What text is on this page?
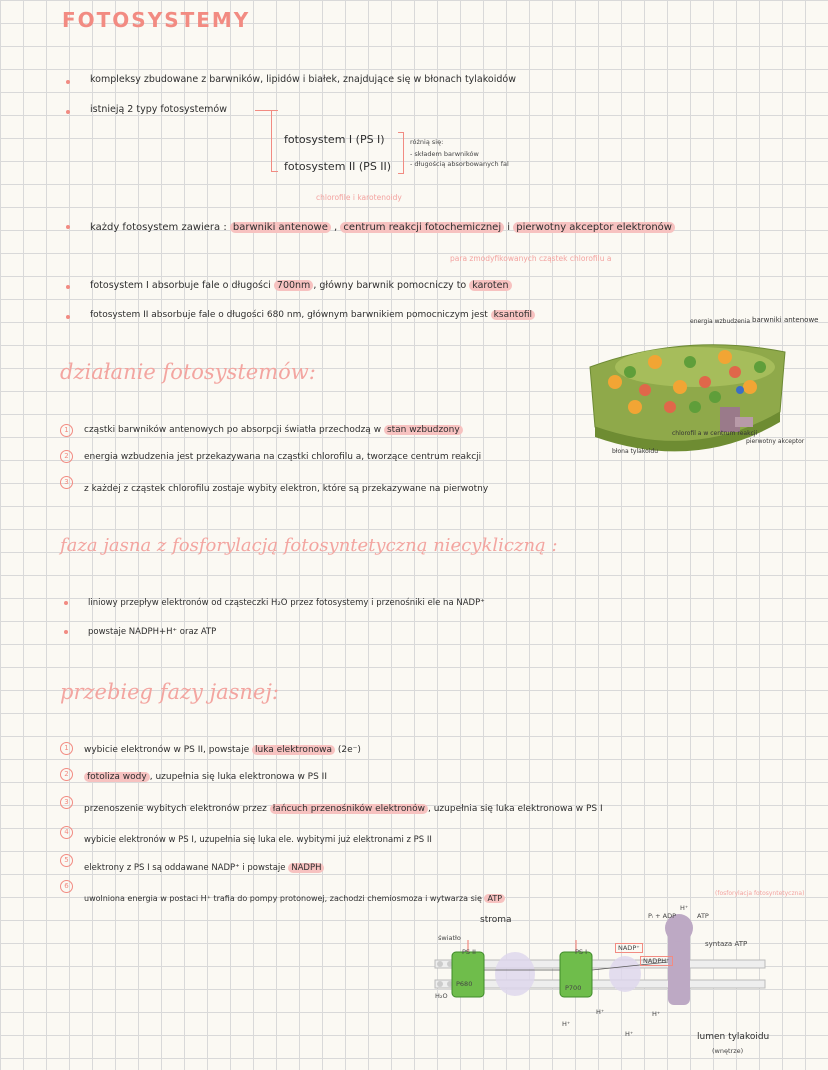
FOTOSYSTEMY
kompleksy zbudowane z barwników, lipidów i białek, znajdujące się w błonach tylakoidów
istnieją 2 typy fotosystemów
fotosystem I (PS I)
fotosystem II (PS II)
różnią się:
- składem barwników
- długością absorbowanych fal
chlorofile i karotenoidy
każdy fotosystem zawiera : barwniki antenowe , centrum reakcji fotochemicznej i pierwotny akceptor elektronów
para zmodyfikowanych cząstek chlorofilu a
fotosystem I absorbuje fale o długości 700nm , główny barwnik pomocniczy to karoten
fotosystem II absorbuje fale o długości 680 nm, głównym barwnikiem pomocniczym jest ksantofil
energia wzbudzenia barwniki antenowe
błona tylakoidu
chlorofil a w centrum reakcji
pierwotny akceptor
działanie fotosystemów:
1	cząstki barwników antenowych po absorpcji światła przechodzą w stan wzbudzony
2	energia wzbudzenia jest przekazywana na cząstki chlorofilu a, tworzące centrum reakcji
3
z każdej z cząstek chlorofilu zostaje wybity elektron, które są przekazywane na pierwotny
faza jasna z fosforylacją fotosyntetyczną niecykliczną :
liniowy przepływ elektronów od cząsteczki H₂O przez fotosystemy i przenośniki ele na NADP⁺
powstaje NADPH+H⁺ oraz ATP
przebieg fazy jasnej:
1	wybicie elektronów w PS II, powstaje luka elektronowa (2e⁻)
2	fotoliza wody , uzupełnia się luka elektronowa w PS II
3
przenoszenie wybitych elektronów przez łańcuch przenośników elektronów , uzupełnia się luka elektronowa w PS I
4
wybicie elektronów w PS I, uzupełnia się luka ele. wybitymi już elektronami z PS II
5
elektrony z PS I są oddawane NADP⁺ i powstaje NADPH
6
uwolniona energia w postaci H⁺ trafia do pompy protonowej, zachodzi chemiosmoza i wytwarza się ATP
stroma
światło
PS II	PS I
P680	P700
H₂O
NADP⁺
NADPH⁺
Pᵢ + ADP	ATP
H⁺
H⁺
H⁺
H⁺
H⁺
syntaza ATP
(fosforylacja fotosyntetyczna)
lumen tylakoidu
(wnętrze)
